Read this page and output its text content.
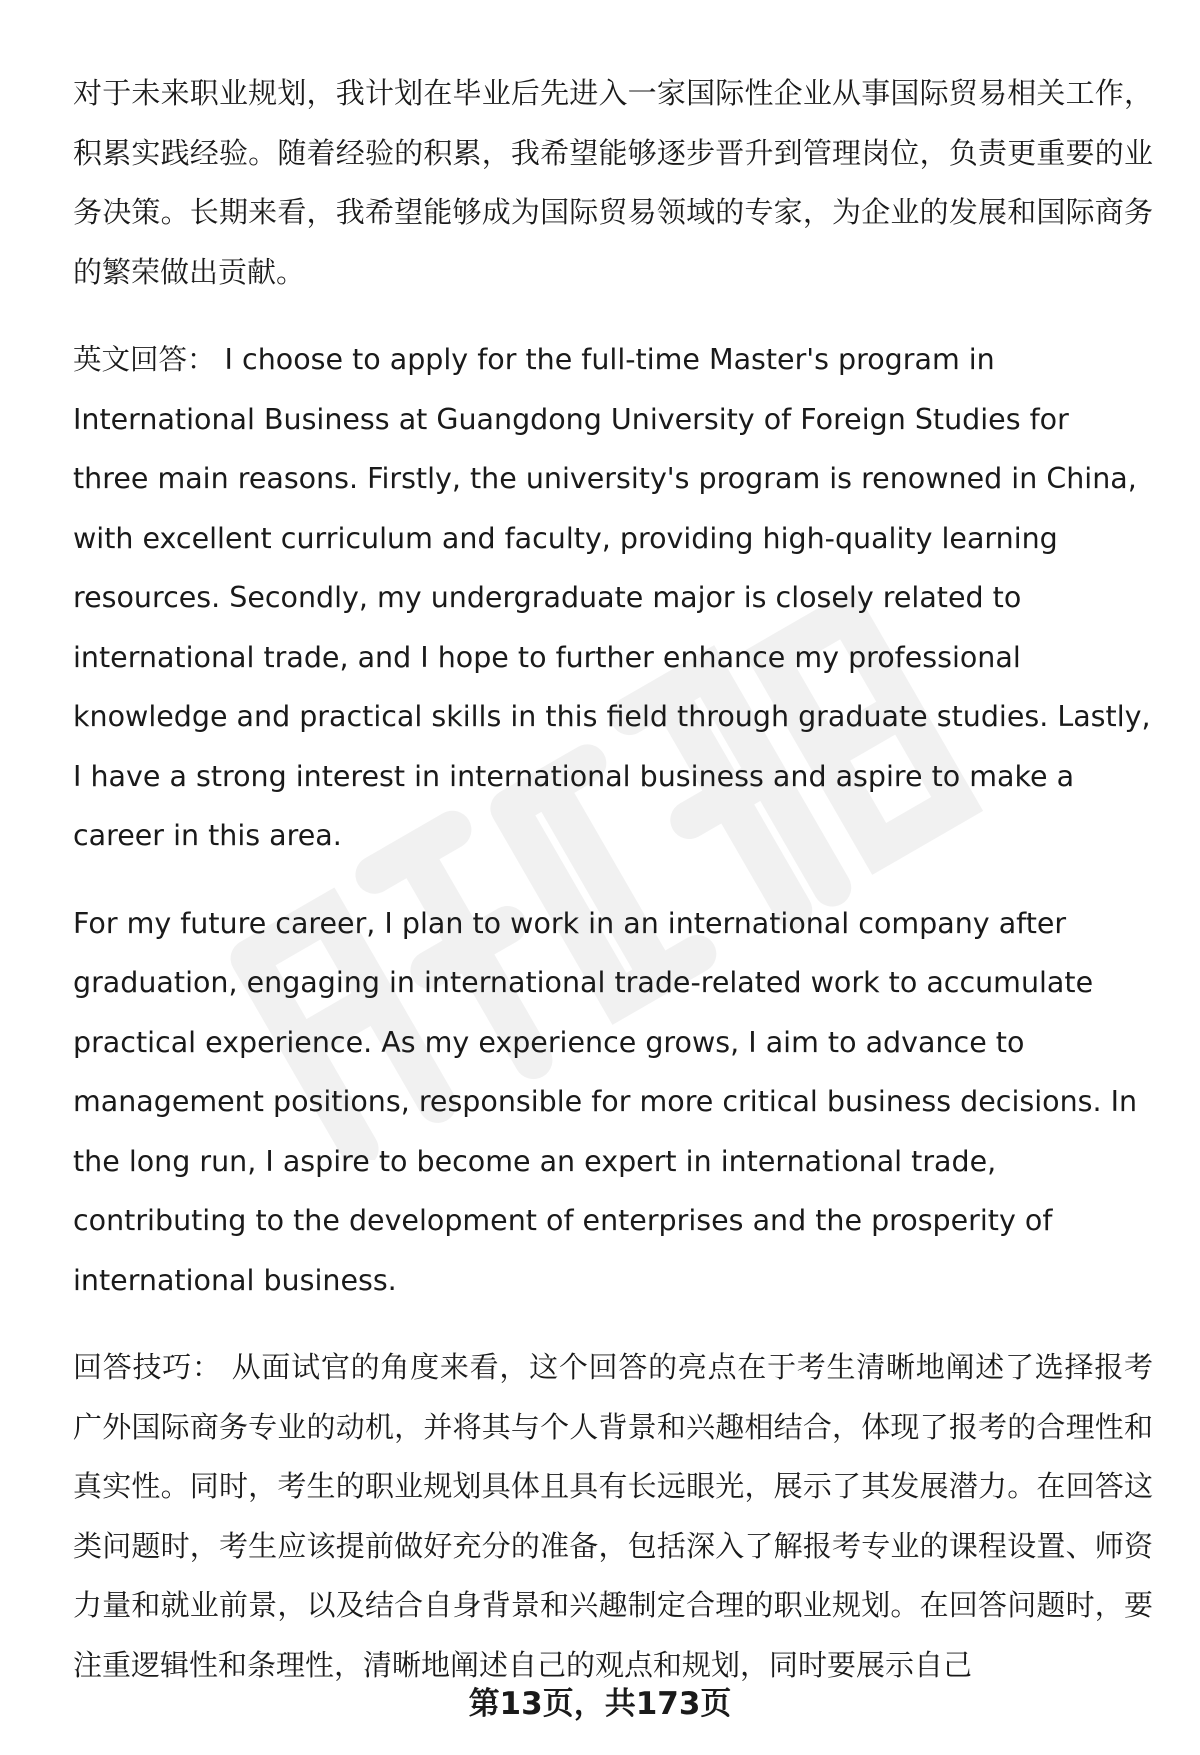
对于未来职业规划，我计划在毕业后先进入一家国际性企业从事国际贸易相关工作，积累实践经验。随着经验的积累，我希望能够逐步晋升到管理岗位，负责更重要的业务决策。长期来看，我希望能够成为国际贸易领域的专家，为企业的发展和国际商务的繁荣做出贡献。

英文回答： I choose to apply for the full-time Master's program in International Business at Guangdong University of Foreign Studies for three main reasons. Firstly, the university's program is renowned in China, with excellent curriculum and faculty, providing high-quality learning resources. Secondly, my undergraduate major is closely related to international trade, and I hope to further enhance my professional knowledge and practical skills in this field through graduate studies. Lastly, I have a strong interest in international business and aspire to make a career in this area.

For my future career, I plan to work in an international company after graduation, engaging in international trade-related work to accumulate practical experience. As my experience grows, I aim to advance to management positions, responsible for more critical business decisions. In the long run, I aspire to become an expert in international trade, contributing to the development of enterprises and the prosperity of international business.

回答技巧： 从面试官的角度来看，这个回答的亮点在于考生清晰地阐述了选择报考广外国际商务专业的动机，并将其与个人背景和兴趣相结合，体现了报考的合理性和真实性。同时，考生的职业规划具体且具有长远眼光，展示了其发展潜力。在回答这类问题时，考生应该提前做好充分的准备，包括深入了解报考专业的课程设置、师资力量和就业前景，以及结合自身背景和兴趣制定合理的职业规划。在回答问题时，要注重逻辑性和条理性，清晰地阐述自己的观点和规划，同时要展示自己

第13页，共173页
